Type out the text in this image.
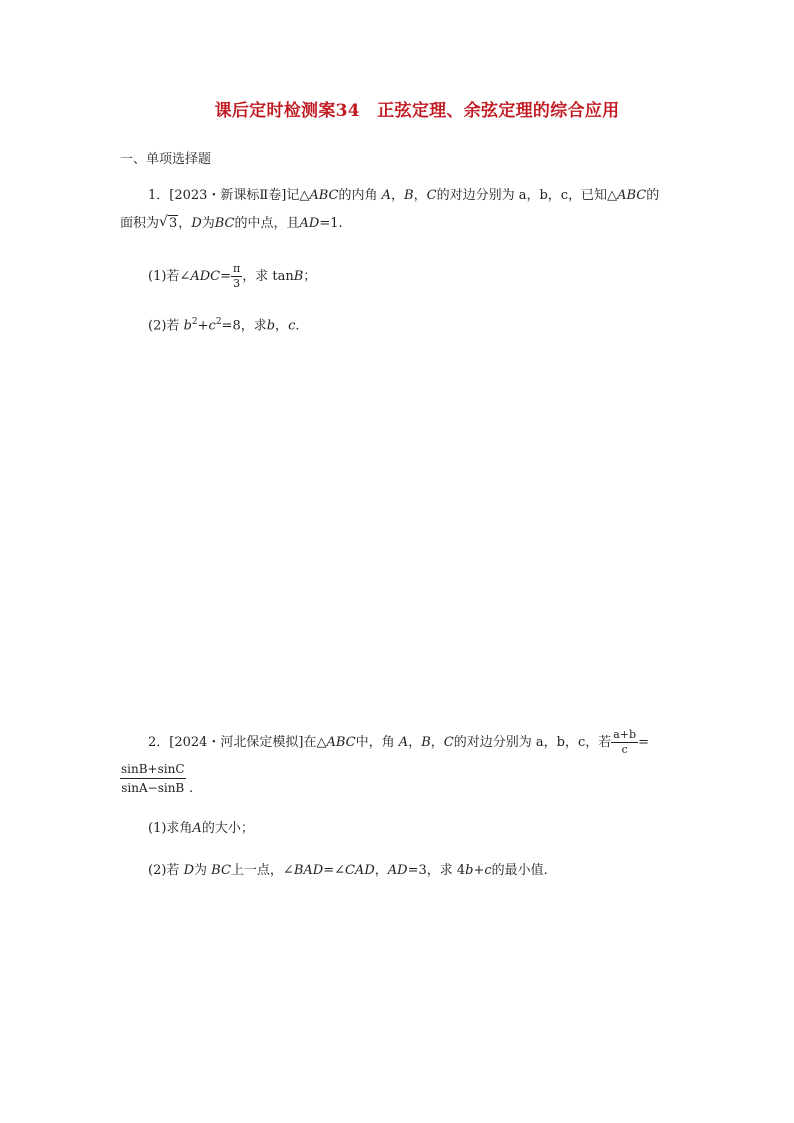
课后定时检测案34　正弦定理、余弦定理的综合应用
一、单项选择题
1．[2023・新课标Ⅱ卷]记△ABC的内角 A，B，C的对边分别为 a，b，c，已知△ABC的
面积为 √ 3，D为BC的中点，且AD=1.
(1)若∠ADC= $\frac{\pi}{3}$ ，求 tanB；
(2)若 $b^2+c^2=8$，求b，c.
2．[2024・河北保定模拟]在△ABC中，角 A，B，C的对边分别为 a，b，c，若 $\frac{a+b}{c}$ =
$\frac{\sin B+\sin C}{\sin A-\sin B}$ .
(1)求角A的大小；
(2)若 D为 BC上一点，∠BAD=∠CAD，AD=3，求 4b+c的最小值.
